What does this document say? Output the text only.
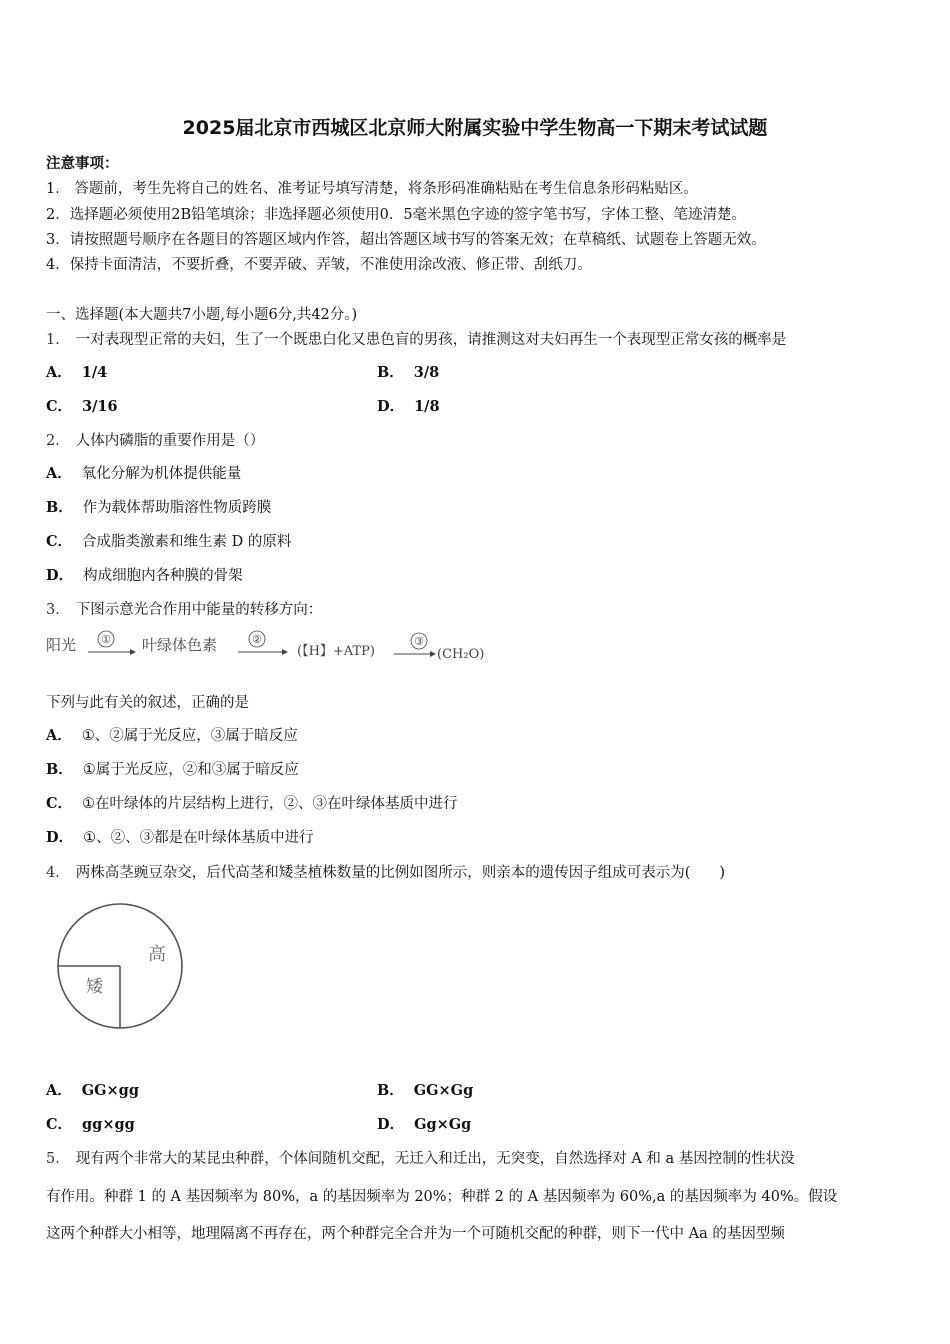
2025届北京市西城区北京师大附属实验中学生物高一下期末考试试题
注意事项：
1． 答题前，考生先将自己的姓名、准考证号填写清楚，将条形码准确粘贴在考生信息条形码粘贴区。
2．选择题必须使用2B铅笔填涂；非选择题必须使用0．5毫米黑色字迹的签字笔书写，字体工整、笔迹清楚。
3．请按照题号顺序在各题目的答题区域内作答，超出答题区域书写的答案无效；在草稿纸、试题卷上答题无效。
4．保持卡面清洁，不要折叠，不要弄破、弄皱，不准使用涂改液、修正带、刮纸刀。
一、选择题(本大题共7小题,每小题6分,共42分。)
1． 一对表现型正常的夫妇，生了一个既患白化又患色盲的男孩，请推测这对夫妇再生一个表现型正常女孩的概率是
A． 1/4	B． 3/8
C． 3/16	D． 1/8
2． 人体内磷脂的重要作用是（）
A． 氧化分解为机体提供能量
B． 作为载体帮助脂溶性物质跨膜
C． 合成脂类激素和维生素 D 的原料
D． 构成细胞内各种膜的骨架
3． 下图示意光合作用中能量的转移方向：
阳光 ① 叶绿体色素	②
(【H】+ATP)
③
(CH₂O)
下列与此有关的叙述，正确的是
A． ①、②属于光反应，③属于暗反应
B． ①属于光反应，②和③属于暗反应
C． ①在叶绿体的片层结构上进行，②、③在叶绿体基质中进行
D． ①、②、③都是在叶绿体基质中进行
4． 两株高茎豌豆杂交，后代高茎和矮茎植株数量的比例如图所示，则亲本的遗传因子组成可表示为(　　)
高
矮
A． GG×gg	B． GG×Gg
C． gg×gg	D． Gg×Gg
5． 现有两个非常大的某昆虫种群，个体间随机交配，无迁入和迁出，无突变，自然选择对 A 和 a 基因控制的性状没
有作用。种群 1 的 A 基因频率为 80%，a 的基因频率为 20%；种群 2 的 A 基因频率为 60%,a 的基因频率为 40%。假设
这两个种群大小相等，地理隔离不再存在，两个种群完全合并为一个可随机交配的种群，则下一代中 Aa 的基因型频
